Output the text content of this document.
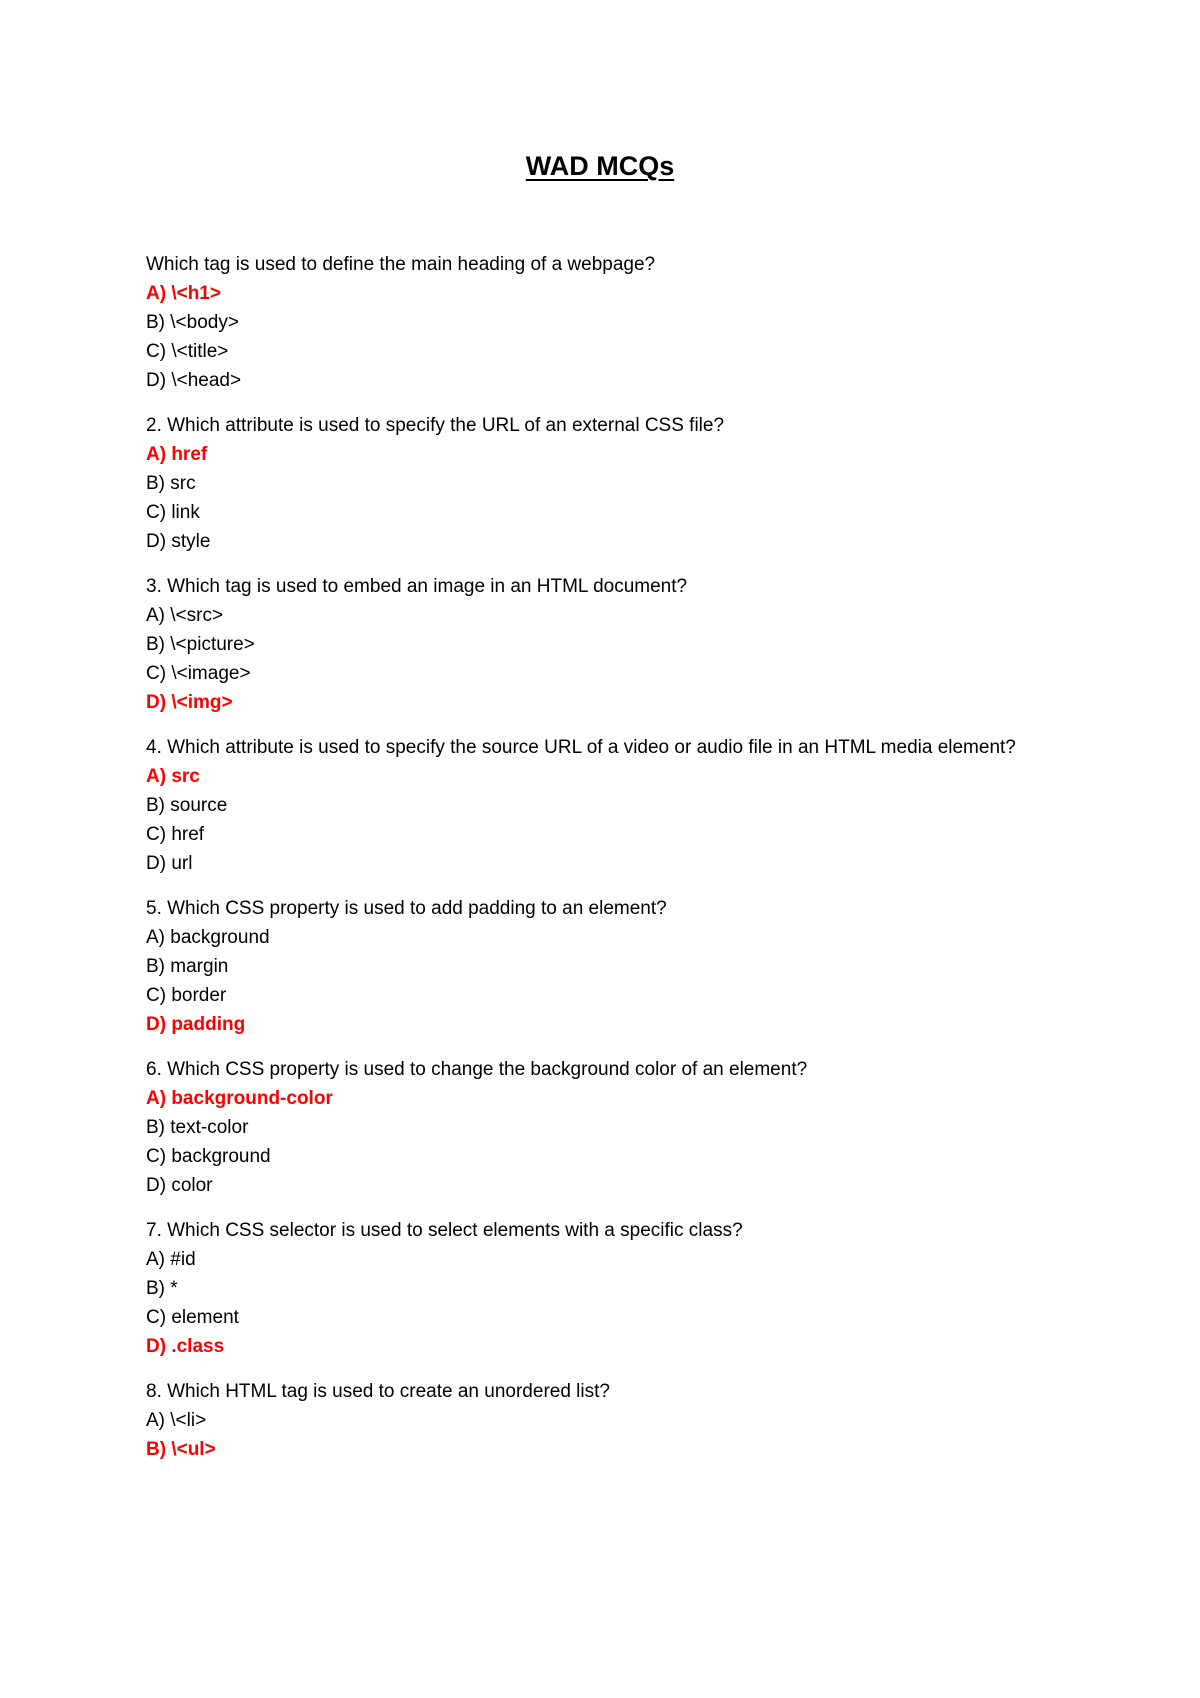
WAD MCQs

Which tag is used to define the main heading of a webpage?

A) \<h1>
B) \<body>
C) \<title>
D) \<head>

2. Which attribute is used to specify the URL of an external CSS file?

A) href
B) src
C) link
D) style

3. Which tag is used to embed an image in an HTML document?

A) \<src>
B) \<picture>
C) \<image>
D) \<img>

4. Which attribute is used to specify the source URL of a video or audio file in an HTML media element?

A) src
B) source
C) href
D) url

5. Which CSS property is used to add padding to an element?

A) background
B) margin
C) border
D) padding

6. Which CSS property is used to change the background color of an element?

A) background-color
B) text-color
C) background
D) color

7. Which CSS selector is used to select elements with a specific class?

A) #id
B) *
C) element
D) .class

8. Which HTML tag is used to create an unordered list?

A) \<li>
B) \<ul>
